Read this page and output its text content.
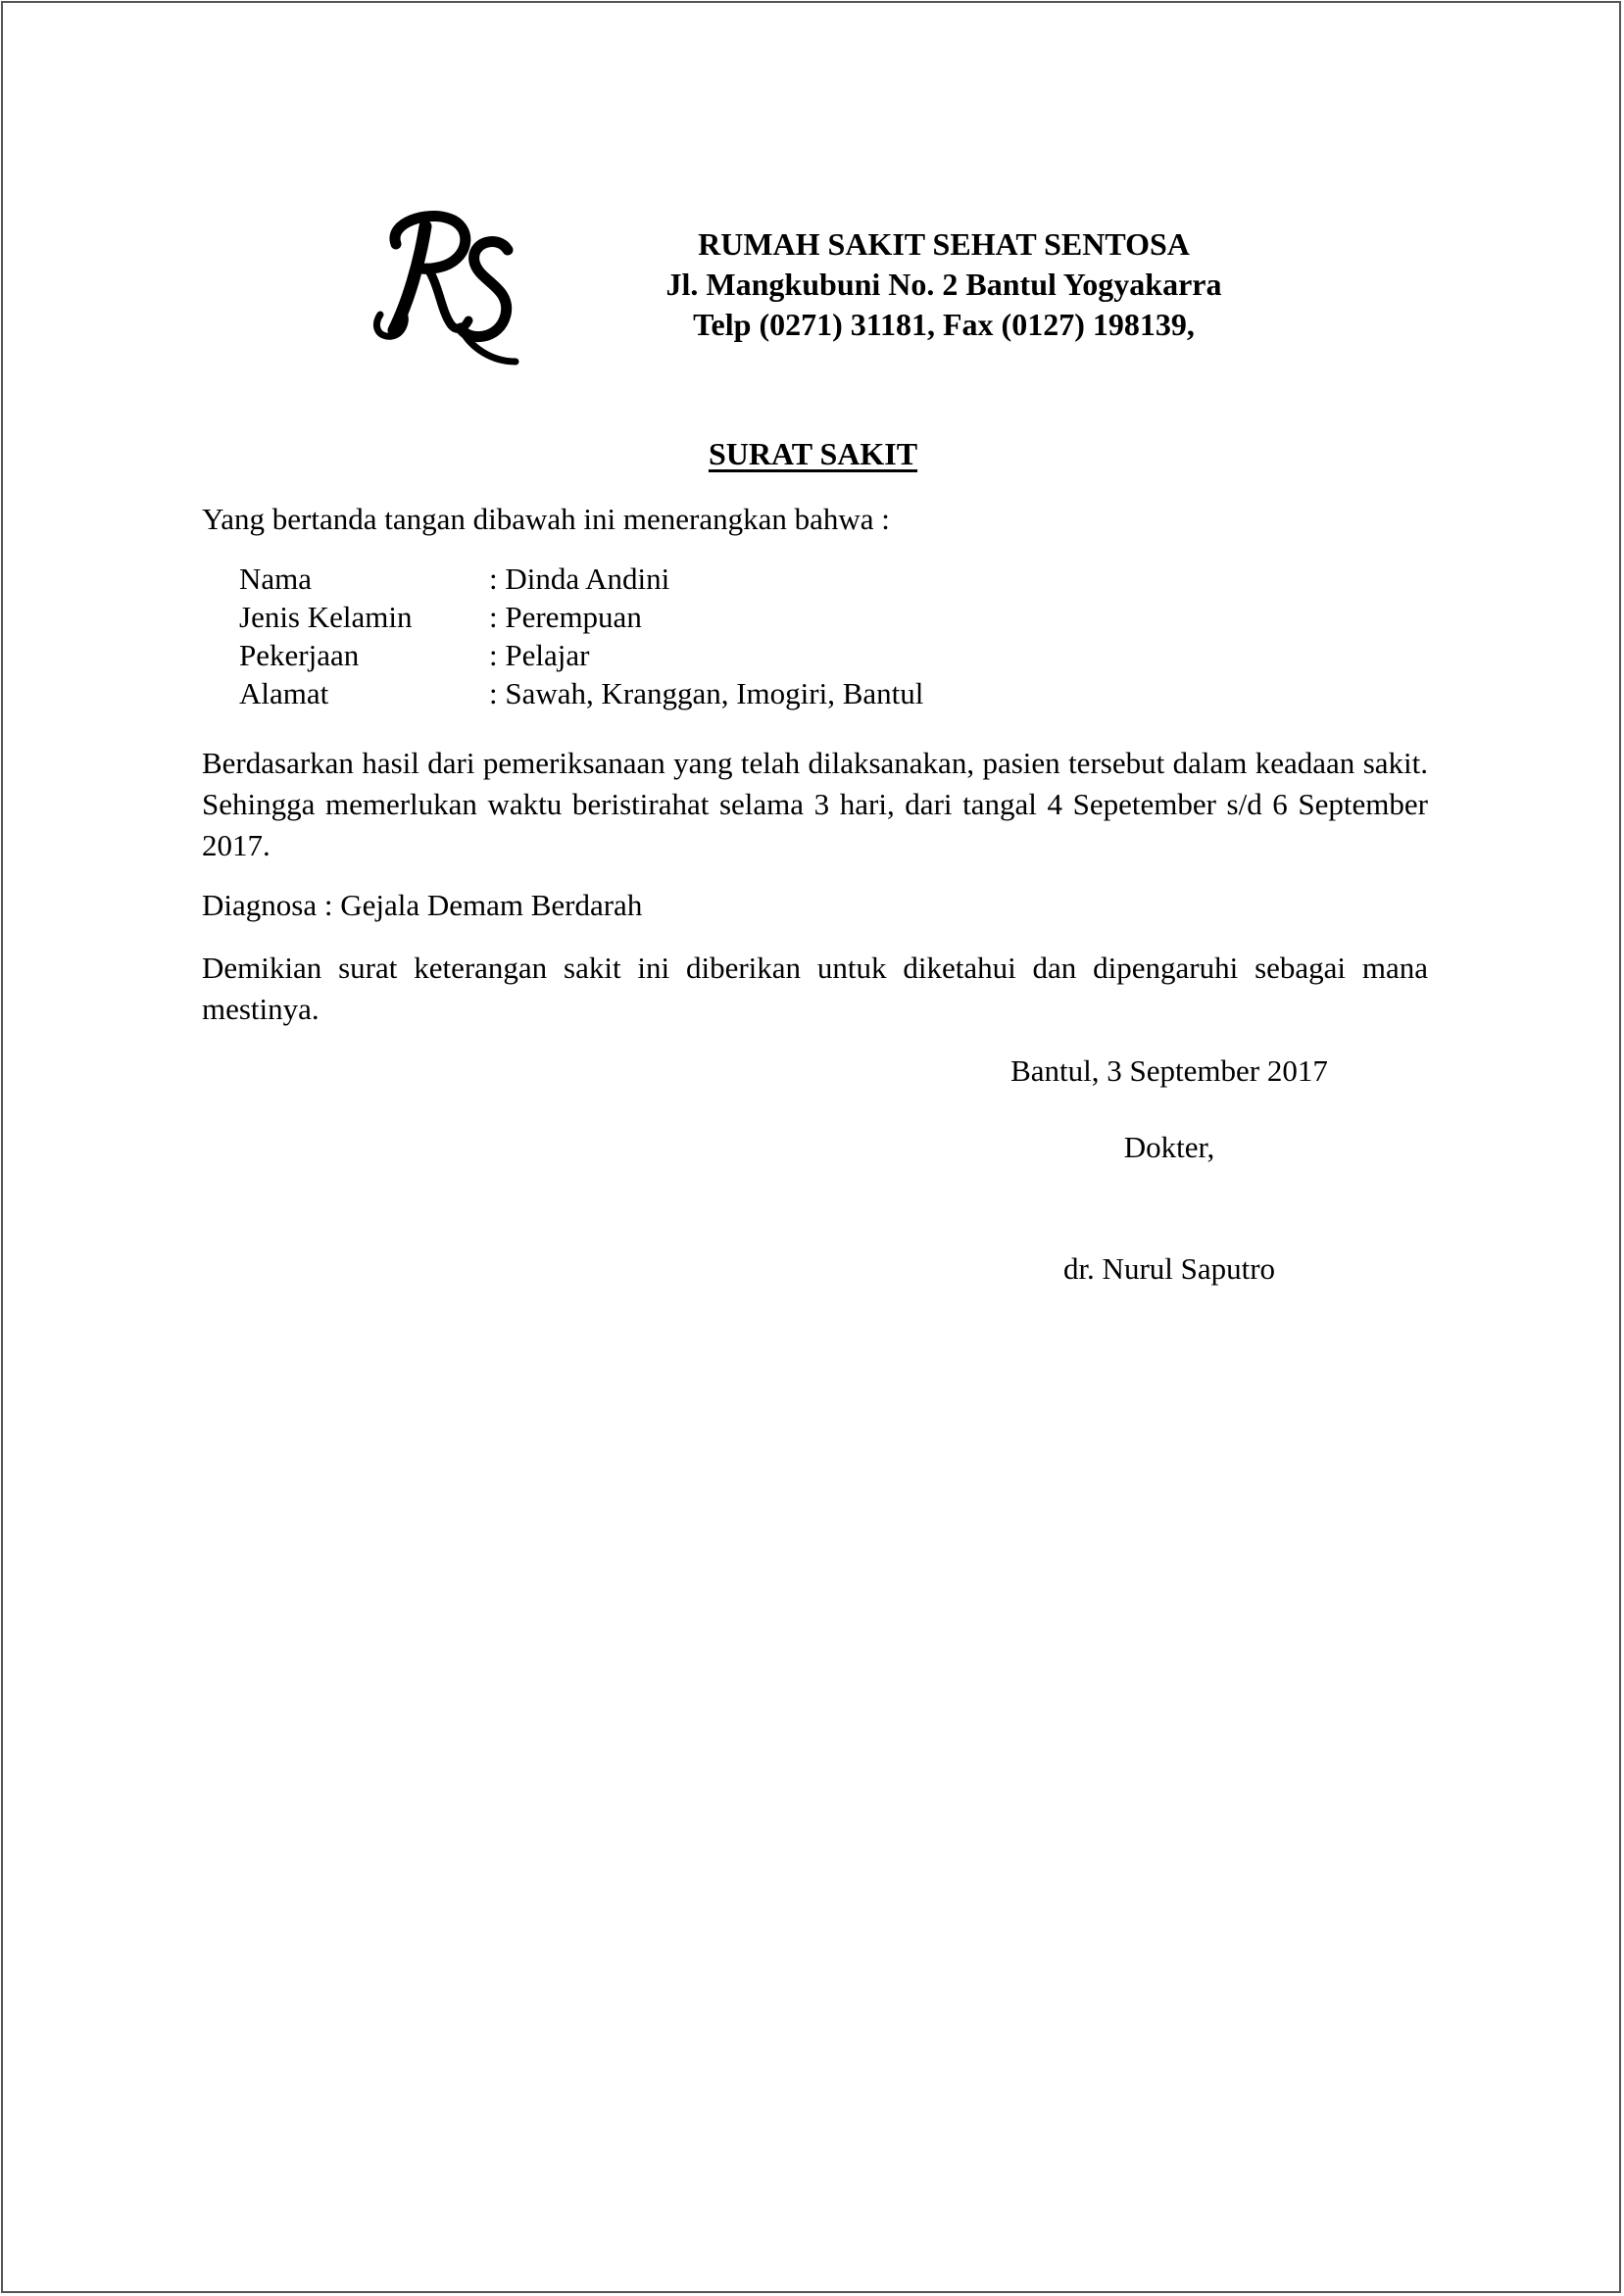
RUMAH SAKIT SEHAT SENTOSA
Jl. Mangkubuni No. 2 Bantul Yogyakarra
Telp (0271) 31181, Fax (0127) 198139,
SURAT SAKIT
Yang bertanda tangan dibawah ini menerangkan bahwa :
Nama	: Dinda Andini
Jenis Kelamin	: Perempuan
Pekerjaan	: Pelajar
Alamat	: Sawah, Kranggan, Imogiri, Bantul
Berdasarkan hasil dari pemeriksanaan yang telah dilaksanakan, pasien tersebut dalam keadaan sakit. Sehingga memerlukan waktu beristirahat selama 3 hari, dari tangal 4 Sepetember s/d 6 September 2017.
Diagnosa : Gejala Demam Berdarah
Demikian surat keterangan sakit ini diberikan untuk diketahui dan dipengaruhi sebagai mana mestinya.
Bantul, 3 September 2017
Dokter,
dr. Nurul Saputro
